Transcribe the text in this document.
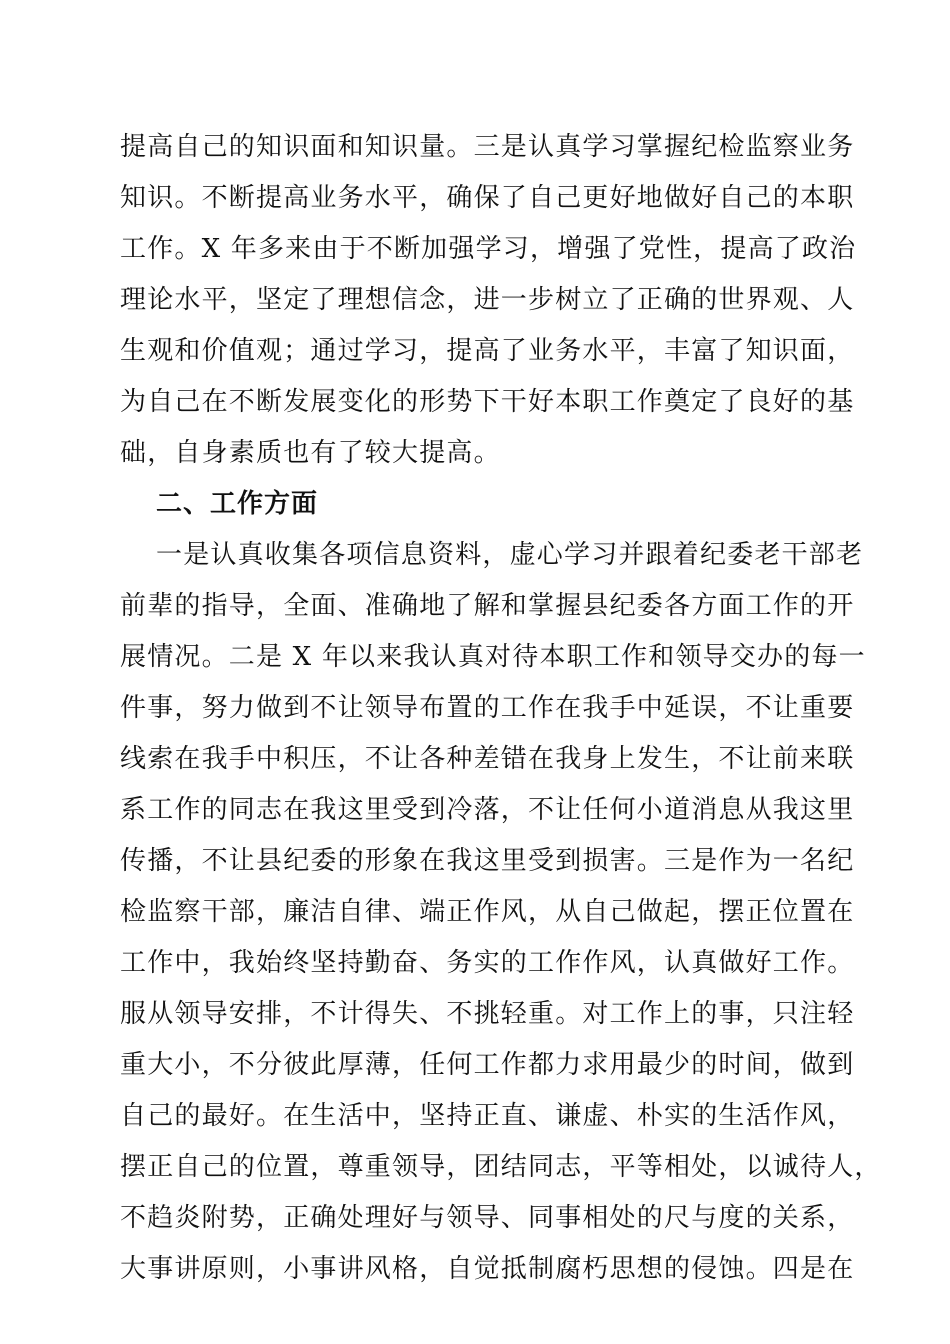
提高自己的知识面和知识量。三是认真学习掌握纪检监察业务
知识。不断提高业务水平，确保了自己更好地做好自己的本职
工作。X 年多来由于不断加强学习，增强了党性，提高了政治
理论水平，坚定了理想信念，进一步树立了正确的世界观、人
生观和价值观；通过学习，提高了业务水平，丰富了知识面，
为自己在不断发展变化的形势下干好本职工作奠定了良好的基
础，自身素质也有了较大提高。
二、工作方面
一是认真收集各项信息资料，虚心学习并跟着纪委老干部老
前辈的指导，全面、准确地了解和掌握县纪委各方面工作的开
展情况。二是 X 年以来我认真对待本职工作和领导交办的每一
件事，努力做到不让领导布置的工作在我手中延误，不让重要
线索在我手中积压，不让各种差错在我身上发生，不让前来联
系工作的同志在我这里受到冷落，不让任何小道消息从我这里
传播，不让县纪委的形象在我这里受到损害。三是作为一名纪
检监察干部，廉洁自律、端正作风，从自己做起，摆正位置在
工作中，我始终坚持勤奋、务实的工作作风，认真做好工作。
服从领导安排，不计得失、不挑轻重。对工作上的事，只注轻
重大小，不分彼此厚薄，任何工作都力求用最少的时间，做到
自己的最好。在生活中，坚持正直、谦虚、朴实的生活作风，
摆正自己的位置，尊重领导，团结同志，平等相处，以诚待人，
不趋炎附势，正确处理好与领导、同事相处的尺与度的关系，
大事讲原则，小事讲风格，自觉抵制腐朽思想的侵蚀。四是在
